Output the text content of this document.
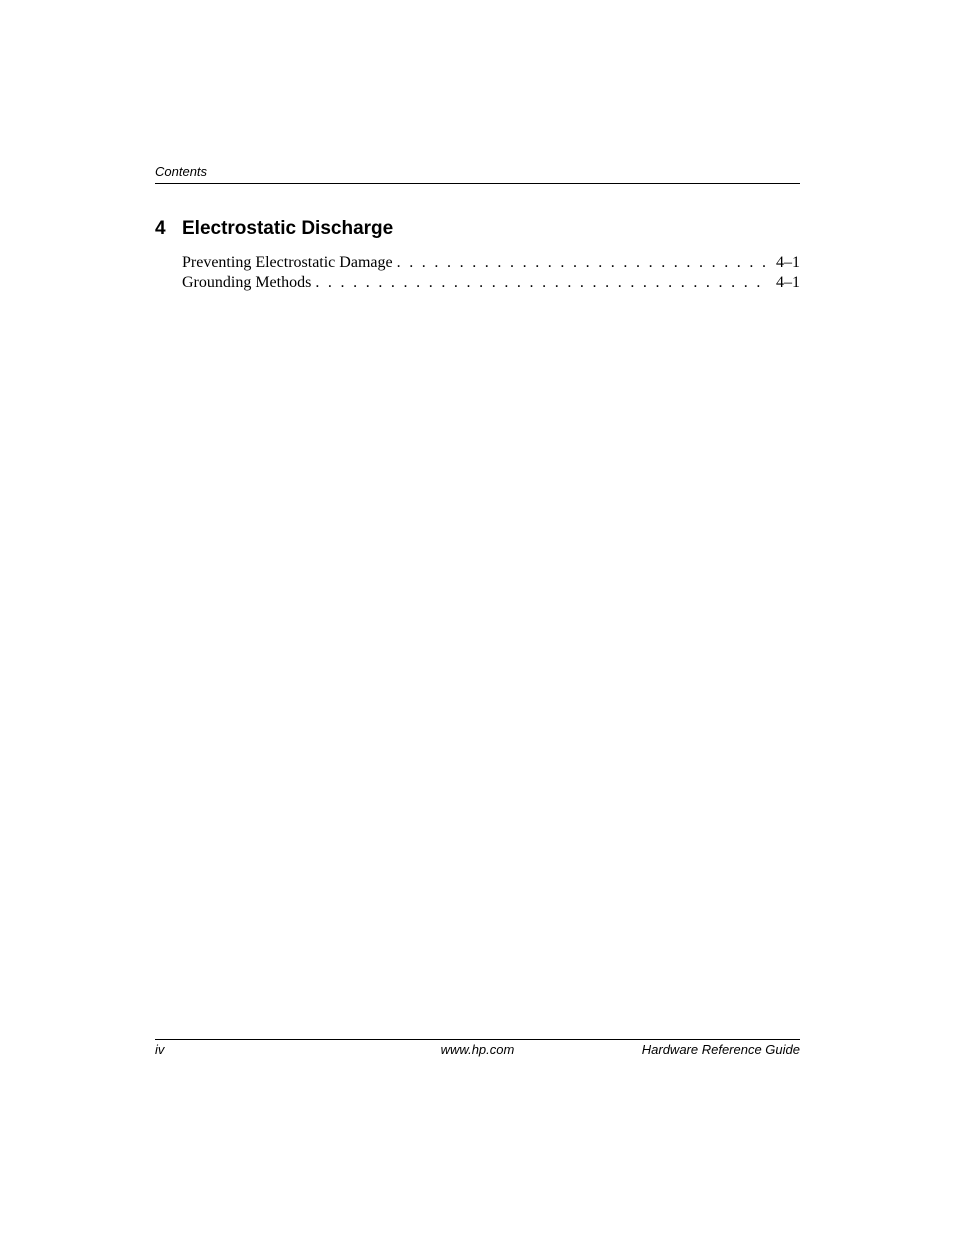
Contents
4 Electrostatic Discharge
Preventing Electrostatic Damage . . .	4–1
Grounding Methods . . .	4–1
iv	www.hp.com	Hardware Reference Guide
